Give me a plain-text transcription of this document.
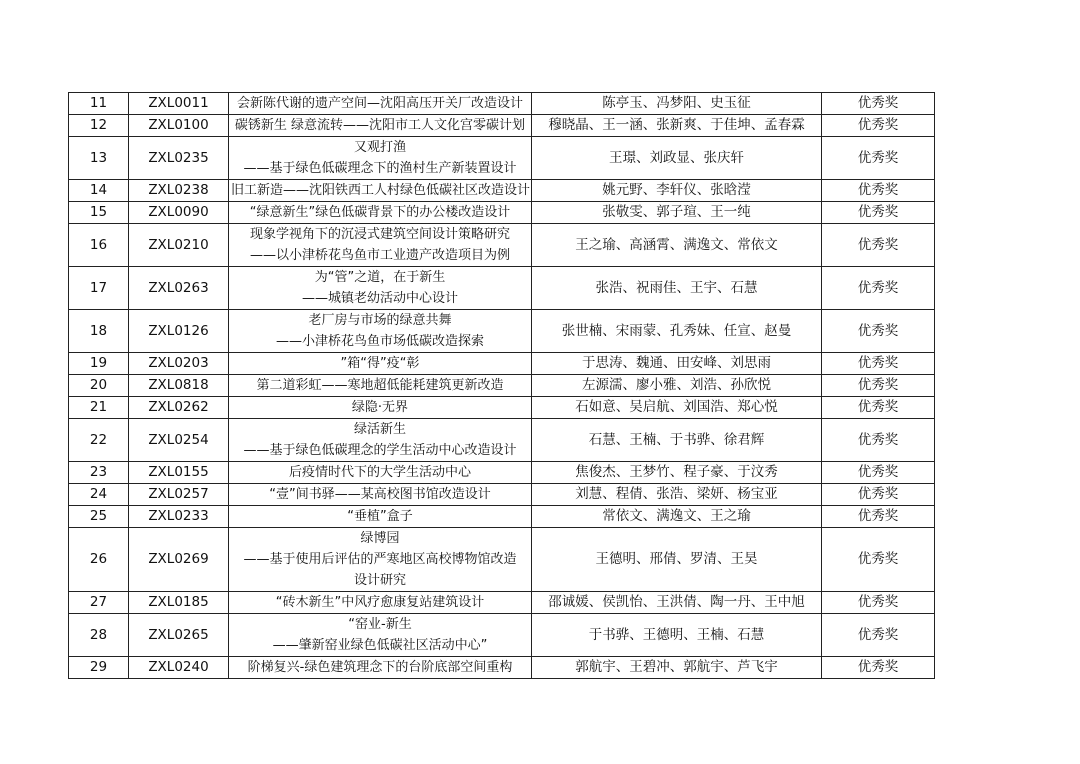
11	ZXL0011	会新陈代谢的遗产空间—沈阳高压开关厂改造设计	陈亭玉、冯梦阳、史玉征	优秀奖
12	ZXL0100	碳锈新生 绿意流转——沈阳市工人文化宫零碳计划	穆晓晶、王一涵、张新爽、于佳坤、孟春霖	优秀奖
13	ZXL0235	又观打渔
——基于绿色低碳理念下的渔村生产新装置设计	王璟、刘政显、张庆轩	优秀奖
14	ZXL0238	旧工新造——沈阳铁西工人村绿色低碳社区改造设计	姚元野、李轩仪、张晗滢	优秀奖
15	ZXL0090	“绿意新生”绿色低碳背景下的办公楼改造设计	张敬雯、郭子瑄、王一纯	优秀奖
16	ZXL0210	现象学视角下的沉浸式建筑空间设计策略研究
——以小津桥花鸟鱼市工业遗产改造项目为例	王之瑜、高涵霄、满逸文、常依文	优秀奖
17	ZXL0263	为“管”之道，在于新生
——城镇老幼活动中心设计	张浩、祝雨佳、王宇、石慧	优秀奖
18	ZXL0126	老厂房与市场的绿意共舞
——小津桥花鸟鱼市场低碳改造探索	张世楠、宋雨蒙、孔秀妹、任宣、赵曼	优秀奖
19	ZXL0203	”箱“得”疫“彰	于思涛、魏通、田安峰、刘思雨	优秀奖
20	ZXL0818	第二道彩虹——寒地超低能耗建筑更新改造	左源濡、廖小雅、刘浩、孙欣悦	优秀奖
21	ZXL0262	绿隐·无界	石如意、吴启航、刘国浩、郑心悦	优秀奖
22	ZXL0254	绿活新生
——基于绿色低碳理念的学生活动中心改造设计	石慧、王楠、于书骅、徐君辉	优秀奖
23	ZXL0155	后疫情时代下的大学生活动中心	焦俊杰、王梦竹、程子豪、于汶秀	优秀奖
24	ZXL0257	“壹”间书驿——某高校图书馆改造设计	刘慧、程倩、张浩、梁妍、杨宝亚	优秀奖
25	ZXL0233	“垂植”盒子	常依文、满逸文、王之瑜	优秀奖
26	ZXL0269	绿博园
——基于使用后评估的严寒地区高校博物馆改造
设计研究	王德明、邢倩、罗清、王昊	优秀奖
27	ZXL0185	“砖木新生”中风疗愈康复站建筑设计	邵诚媛、侯凯怡、王洪倩、陶一丹、王中旭	优秀奖
28	ZXL0265	“窑业-新生
——肇新窑业绿色低碳社区活动中心”	于书骅、王德明、王楠、石慧	优秀奖
29	ZXL0240	阶梯复兴-绿色建筑理念下的台阶底部空间重构	郭航宇、王碧冲、郭航宇、芦飞宇	优秀奖
